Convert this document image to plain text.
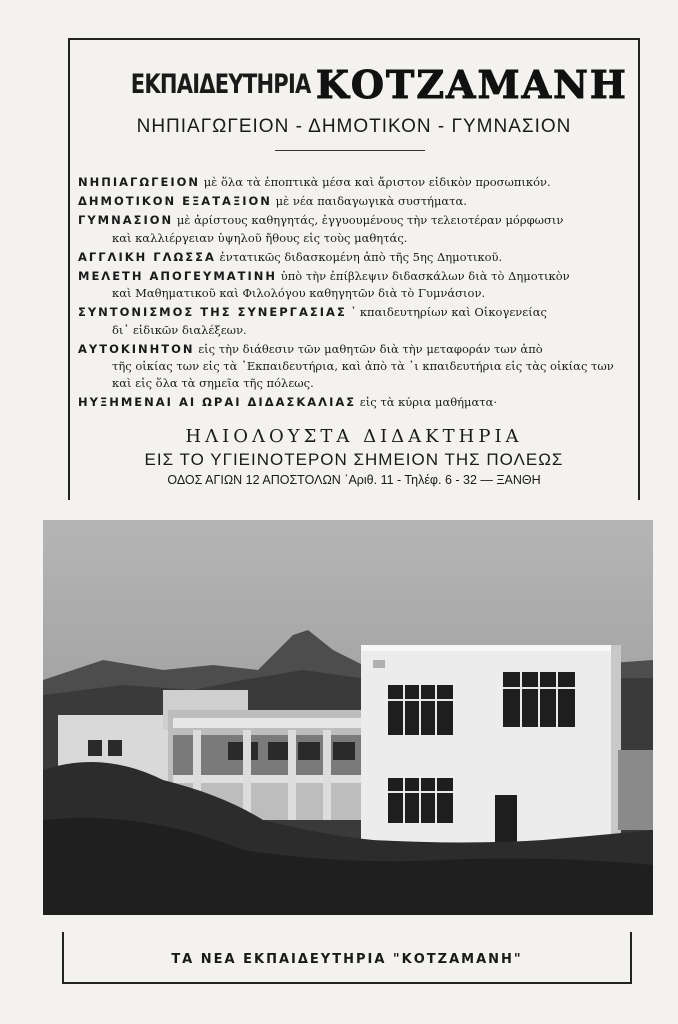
ΕΚΠΑΙΔΕΥΤΗΡΙΑ ΚΟΤΖΑΜΑΝΗ
ΝΗΠΙΑΓΩΓΕΙΟΝ - ΔΗΜΟΤΙΚΟΝ - ΓΥΜΝΑΣΙΟΝ
ΝΗΠΙΑΓΩΓΕΙΟΝ μὲ ὅλα τὰ ἐποπτικὰ μέσα καὶ ἄριστον εἰδικὸν προσωπικόν.
ΔΗΜΟΤΙΚΟΝ ΕΞΑΤΑΞΙΟΝ μὲ νέα παιδαγωγικὰ συστήματα.
ΓΥΜΝΑΣΙΟΝ μὲ ἀρίστους καθηγητάς, ἐγγυουμένους τὴν τελειοτέραν μόρφωσιν
καὶ καλλιέργειαν ὑψηλοῦ ἤθους εἰς τοὺς μαθητάς.
ΑΓΓΛΙΚΗ ΓΛΩΣΣΑ ἐντατικῶς διδασκομένη ἀπὸ τῆς 5ης Δημοτικοῦ.
ΜΕΛΕΤΗ ΑΠΟΓΕΥΜΑΤΙΝΗ ὑπὸ τὴν ἐπίβλεψιν διδασκάλων διὰ τὸ Δημοτικὸν
καὶ Μαθηματικοῦ καὶ Φιλολόγου καθηγητῶν διὰ τὸ Γυμνάσιον.
ΣΥΝΤΟΝΙΣΜΟΣ ΤΗΣ ΣΥΝΕΡΓΑΣΙΑΣ ᾿ κπαιδευτηρίων καὶ Οἰκογενείας
δι᾿ εἰδικῶν διαλέξεων.
ΑΥΤΟΚΙΝΗΤΟΝ εἰς τὴν διάθεσιν τῶν μαθητῶν διὰ τὴν μεταφοράν των ἀπὸ
τῆς οἰκίας των εἰς τὰ ᾿Εκπαιδευτήρια, καὶ ἀπὸ τὰ ᾿ι κπαιδευτήρια εἰς τὰς οἰκίας των καὶ εἰς ὅλα τὰ σημεῖα τῆς πόλεως.
ΗΥΞΗΜΕΝΑΙ ΑΙ ΩΡΑΙ ΔΙΔΑΣΚΑΛΙΑΣ εἰς τὰ κύρια μαθήματα·
ΗΛΙΟΛΟΥΣΤΑ ΔΙΔΑΚΤΗΡΙΑ
ΕΙΣ ΤΟ ΥΓΙΕΙΝΟΤΕΡΟΝ ΣΗΜΕΙΟΝ ΤΗΣ ΠΟΛΕΩΣ
ΟΔΟΣ ΑΓΙΩΝ 12 ΑΠΟΣΤΟΛΩΝ ᾿Αριθ. 11 - Τηλέφ. 6 - 32 — ΞΑΝΘΗ
ΤΑ ΝΕΑ ΕΚΠΑΙΔΕΥΤΗΡΙΑ "ΚΟΤΖΑΜΑΝΗ"
